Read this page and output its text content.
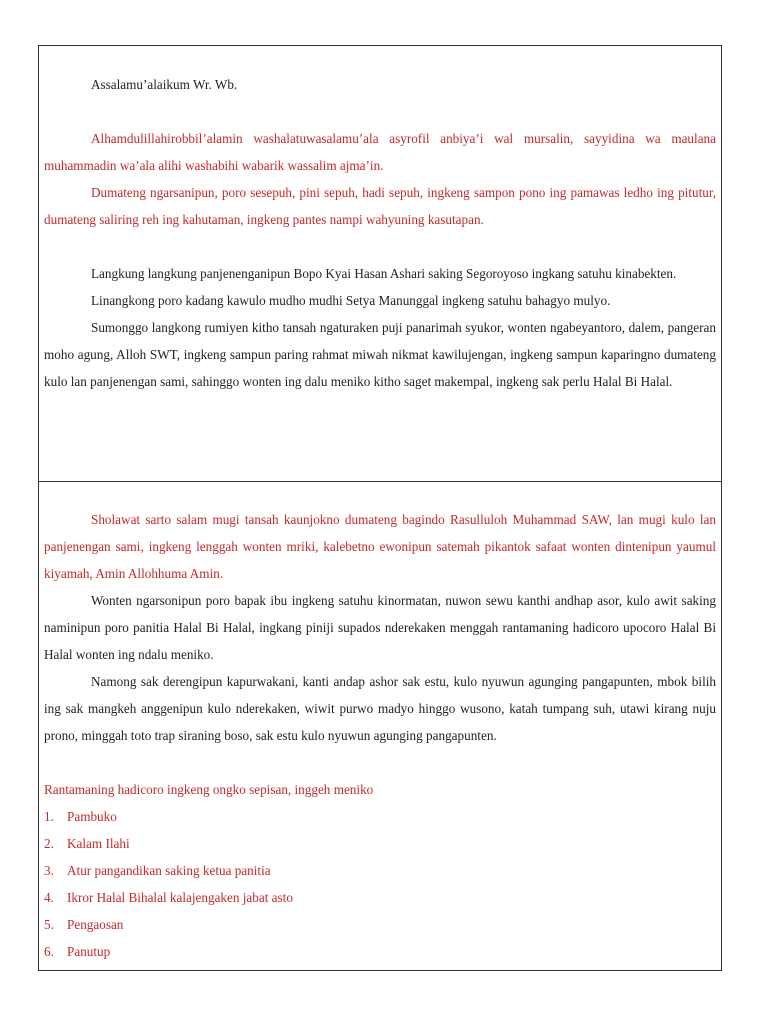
Assalamu’alaikum Wr. Wb.

Alhamdulillahirobbil’alamin washalatuwasalamu’ala asyrofil anbiya’i wal mursalin, sayyidina wa maulana muhammadin wa’ala alihi washabihi wabarik wassalim ajma’in.

Dumateng ngarsanipun, poro sesepuh, pini sepuh, hadi sepuh, ingkeng sampon pono ing pamawas ledho ing pitutur, dumateng saliring reh ing kahutaman, ingkeng pantes nampi wahyuning kasutapan.

Langkung langkung panjenenganipun Bopo Kyai Hasan Ashari saking Segoroyoso ingkang satuhu kinabekten.

Linangkong poro kadang kawulo mudho mudhi Setya Manunggal ingkeng satuhu bahagyo mulyo.

Sumonggo langkong rumiyen kitho tansah ngaturaken puji panarimah syukor, wonten ngabeyantoro, dalem, pangeran moho agung, Alloh SWT, ingkeng sampun paring rahmat miwah nikmat kawilujengan, ingkeng sampun kaparingno dumateng kulo lan panjenengan sami, sahinggo wonten ing dalu meniko kitho saget makempal, ingkeng sak perlu Halal Bi Halal.

Sholawat sarto salam mugi tansah kaunjokno dumateng bagindo Rasulluloh Muhammad SAW, lan mugi kulo lan panjenengan sami, ingkeng lenggah wonten mriki, kalebetno ewonipun satemah pikantok safaat wonten dintenipun yaumul kiyamah, Amin Allohhuma Amin.

Wonten ngarsonipun poro bapak ibu ingkeng satuhu kinormatan, nuwon sewu kanthi andhap asor, kulo awit saking naminipun poro panitia Halal Bi Halal, ingkang piniji supados nderekaken menggah rantamaning hadicoro upocoro Halal Bi Halal wonten ing ndalu meniko.

Namong sak derengipun kapurwakani, kanti andap ashor sak estu, kulo nyuwun agunging pangapunten, mbok bilih ing sak mangkeh anggenipun kulo nderekaken, wiwit purwo madyo hinggo wusono, katah tumpang suh, utawi kirang nuju prono, minggah toto trap siraning boso, sak estu kulo nyuwun agunging pangapunten.

Rantamaning hadicoro ingkeng ongko sepisan, inggeh meniko

1. Pambuko
2. Kalam Ilahi
3. Atur pangandikan saking ketua panitia
4. Ikror Halal Bihalal kalajengaken jabat asto
5. Pengaosan
6. Panutup
